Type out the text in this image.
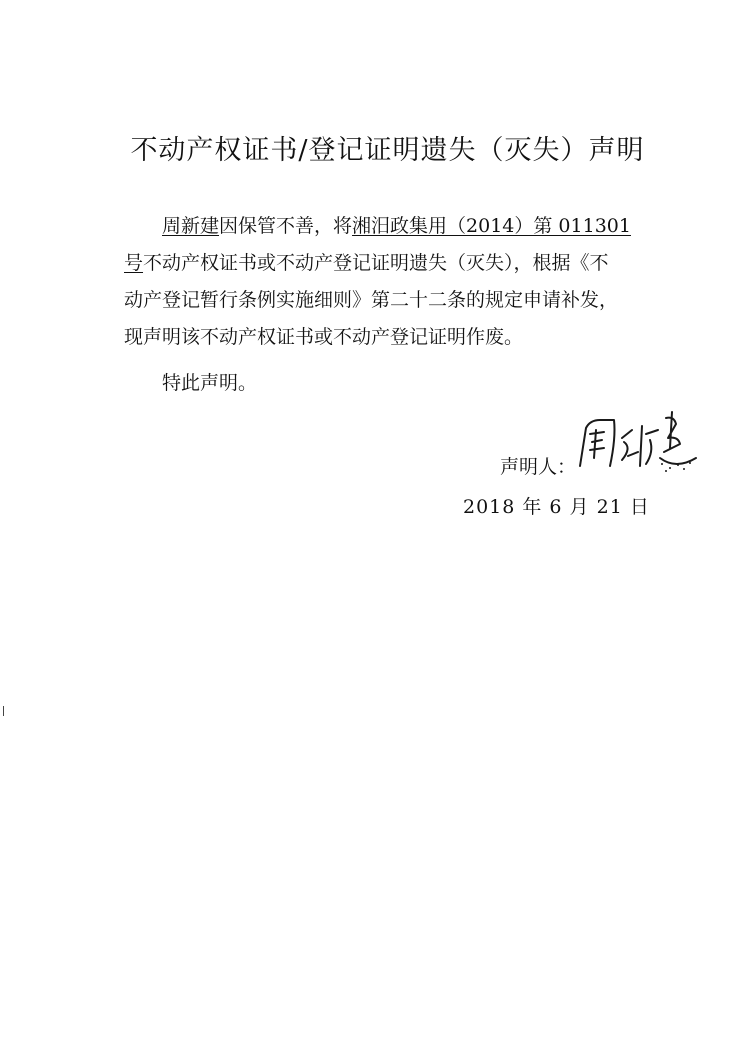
不动产权证书/登记证明遗失（灭失）声明

周新建因保管不善，将湘汨政集用（2014）第 011301
号不动产权证书或不动产登记证明遗失（灭失），根据《不
动产登记暂行条例实施细则》第二十二条的规定申请补发，
现声明该不动产权证书或不动产登记证明作废。

特此声明。

声明人：
2018 年 6 月 21 日
